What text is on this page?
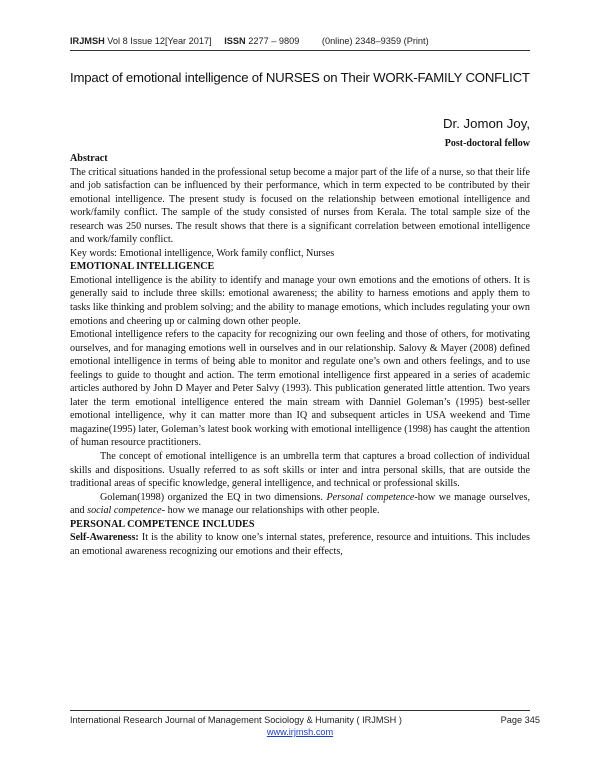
IRJMSH Vol 8 Issue 12[Year 2017] ISSN 2277 – 9809 (0nline) 2348–9359 (Print)
Impact of emotional intelligence of NURSES on Their WORK-FAMILY CONFLICT
Dr. Jomon Joy,
Post-doctoral fellow

Abstract

The critical situations handed in the professional setup become a major part of the life of a nurse, so that their life and job satisfaction can be influenced by their performance, which in term expected to be contributed by their emotional intelligence. The present study is focused on the relationship between emotional intelligence and work/family conflict. The sample of the study consisted of nurses from Kerala. The total sample size of the research was 250 nurses. The result shows that there is a significant correlation between emotional intelligence and work/family conflict.

Key words: Emotional intelligence, Work family conflict, Nurses

EMOTIONAL INTELLIGENCE

Emotional intelligence is the ability to identify and manage your own emotions and the emotions of others. It is generally said to include three skills: emotional awareness; the ability to harness emotions and apply them to tasks like thinking and problem solving; and the ability to manage emotions, which includes regulating your own emotions and cheering up or calming down other people.

Emotional intelligence refers to the capacity for recognizing our own feeling and those of others, for motivating ourselves, and for managing emotions well in ourselves and in our relationship. Salovy & Mayer (2008) defined emotional intelligence in terms of being able to monitor and regulate one’s own and others feelings, and to use feelings to guide to thought and action. The term emotional intelligence first appeared in a series of academic articles authored by John D Mayer and Peter Salvy (1993). This publication generated little attention. Two years later the term emotional intelligence entered the main stream with Danniel Goleman’s (1995) best-seller emotional intelligence, why it can matter more than IQ and subsequent articles in USA weekend and Time magazine(1995) later, Goleman’s latest book working with emotional intelligence (1998) has caught the attention of human resource practitioners.

The concept of emotional intelligence is an umbrella term that captures a broad collection of individual skills and dispositions. Usually referred to as soft skills or inter and intra personal skills, that are outside the traditional areas of specific knowledge, general intelligence, and technical or professional skills.

Goleman(1998) organized the EQ in two dimensions. Personal competence-how we manage ourselves, and social competence- how we manage our relationships with other people.

PERSONAL COMPETENCE INCLUDES

Self-Awareness: It is the ability to know one’s internal states, preference, resource and intuitions. This includes an emotional awareness recognizing our emotions and their effects,

International Research Journal of Management Sociology & Humanity ( IRJMSH )	Page 345
www.irjmsh.com
